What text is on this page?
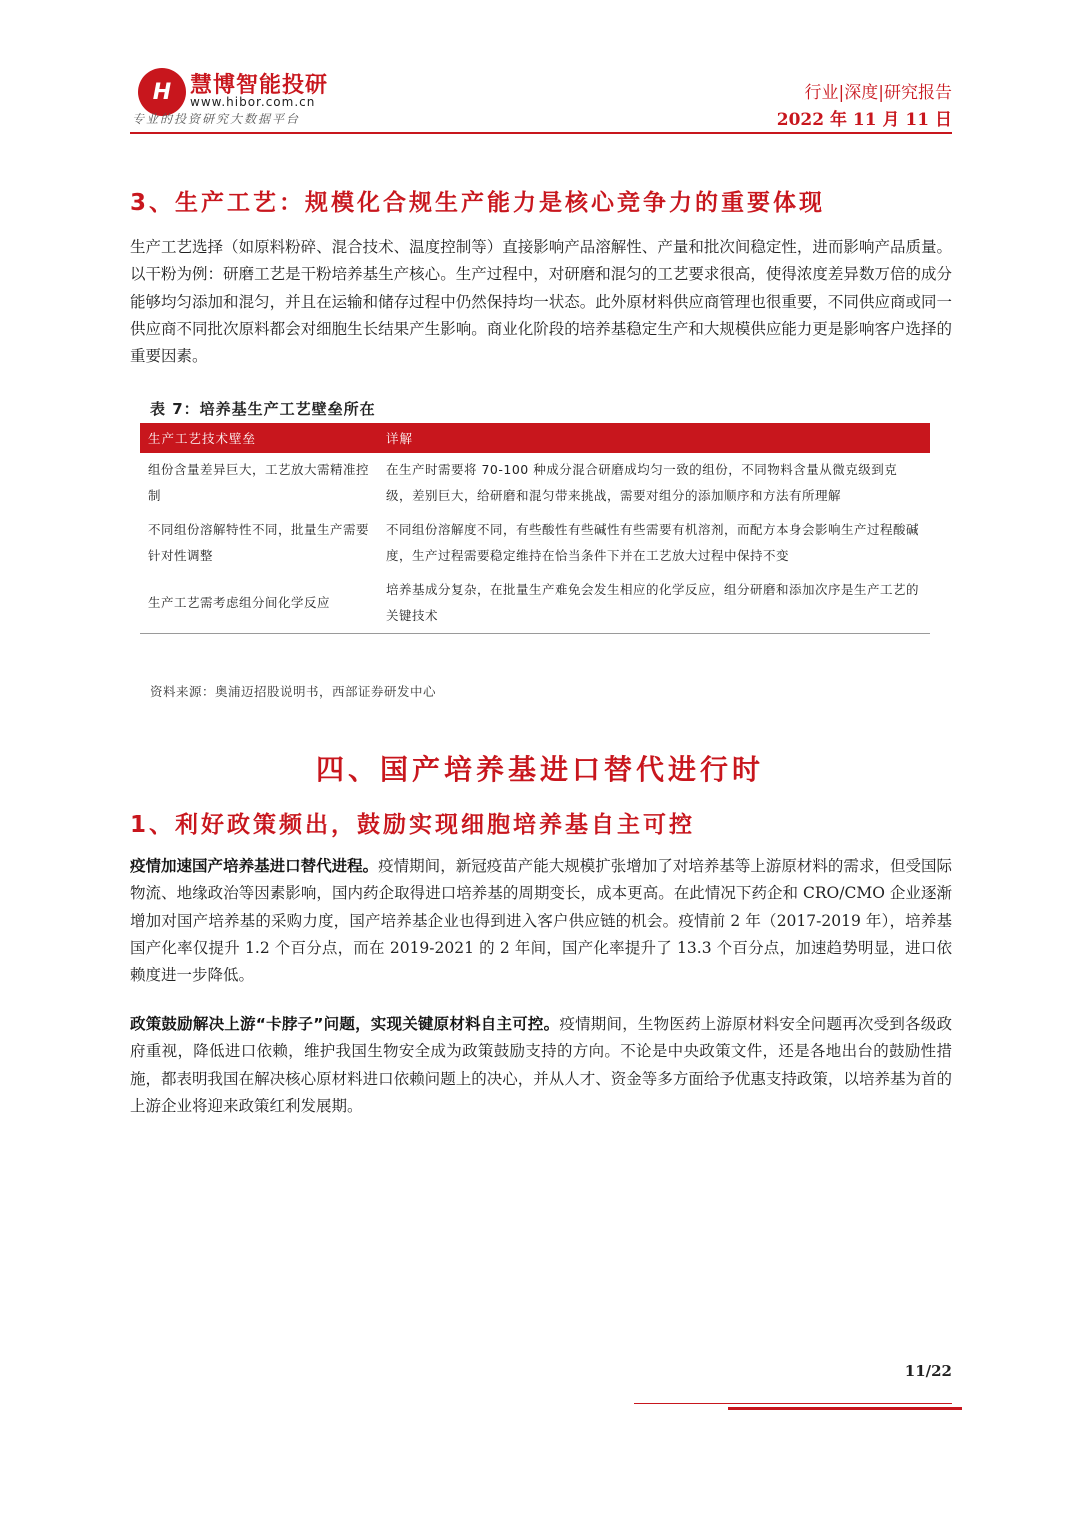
H 慧博智能投研
www.hibor.com.cn
专业的投资研究大数据平台
行业|深度|研究报告
2022 年 11 月 11 日
3、生产工艺：规模化合规生产能力是核心竞争力的重要体现

生产工艺选择（如原料粉碎、混合技术、温度控制等）直接影响产品溶解性、产量和批次间稳定性，进而影响产品质量。以干粉为例：研磨工艺是干粉培养基生产核心。生产过程中，对研磨和混匀的工艺要求很高，使得浓度差异数万倍的成分能够均匀添加和混匀，并且在运输和储存过程中仍然保持均一状态。此外原材料供应商管理也很重要，不同供应商或同一供应商不同批次原料都会对细胞生长结果产生影响。商业化阶段的培养基稳定生产和大规模供应能力更是影响客户选择的重要因素。

表 7：培养基生产工艺壁垒所在
生产工艺技术壁垒	详解
组份含量差异巨大，工艺放大需精准控制	在生产时需要将 70-100 种成分混合研磨成均匀一致的组份，不同物料含量从微克级到克级，差别巨大，给研磨和混匀带来挑战，需要对组分的添加顺序和方法有所理解
不同组份溶解特性不同，批量生产需要针对性调整	不同组份溶解度不同，有些酸性有些碱性有些需要有机溶剂，而配方本身会影响生产过程酸碱度，生产过程需要稳定维持在恰当条件下并在工艺放大过程中保持不变
生产工艺需考虑组分间化学反应	培养基成分复杂，在批量生产难免会发生相应的化学反应，组分研磨和添加次序是生产工艺的关键技术
资料来源：奥浦迈招股说明书，西部证券研发中心
四、国产培养基进口替代进行时
1、利好政策频出，鼓励实现细胞培养基自主可控

疫情加速国产培养基进口替代进程。疫情期间，新冠疫苗产能大规模扩张增加了对培养基等上游原材料的需求，但受国际物流、地缘政治等因素影响，国内药企取得进口培养基的周期变长，成本更高。在此情况下药企和 CRO/CMO 企业逐渐增加对国产培养基的采购力度，国产培养基企业也得到进入客户供应链的机会。疫情前 2 年（2017-2019 年），培养基国产化率仅提升 1.2 个百分点，而在 2019-2021 的 2 年间，国产化率提升了 13.3 个百分点，加速趋势明显，进口依赖度进一步降低。

政策鼓励解决上游“卡脖子”问题，实现关键原材料自主可控。疫情期间，生物医药上游原材料安全问题再次受到各级政府重视，降低进口依赖，维护我国生物安全成为政策鼓励支持的方向。不论是中央政策文件，还是各地出台的鼓励性措施，都表明我国在解决核心原材料进口依赖问题上的决心，并从人才、资金等多方面给予优惠支持政策，以培养基为首的上游企业将迎来政策红利发展期。

11/22
